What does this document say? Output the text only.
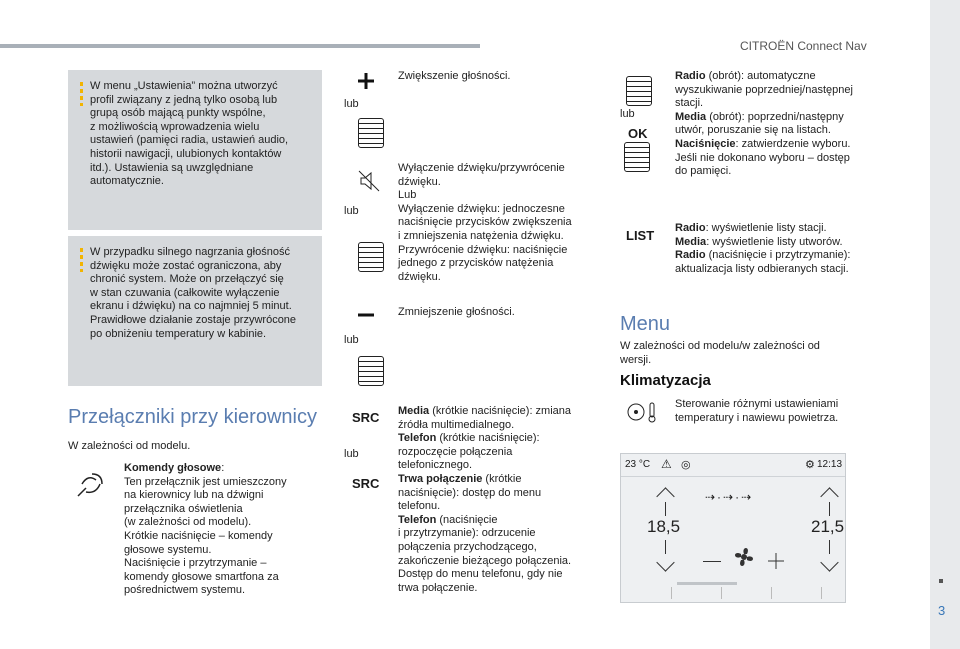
CITROËN Connect Nav
3
W menu „Ustawienia” można utworzyć
profil związany z jedną tylko osobą lub
grupą osób mającą punkty wspólne,
z możliwością wprowadzenia wielu
ustawień (pamięci radia, ustawień audio,
historii nawigacji, ulubionych kontaktów
itd.). Ustawienia są uwzględniane
automatycznie.
W przypadku silnego nagrzania głośność
dźwięku może zostać ograniczona, aby
chronić system. Może on przełączyć się
w stan czuwania (całkowite wyłączenie
ekranu i dźwięku) na co najmniej 5 minut.
Prawidłowe działanie zostaje przywrócone
po obniżeniu temperatury w kabinie.
Przełączniki przy kierownicy
W zależności od modelu.
Komendy głosowe:
Ten przełącznik jest umieszczony
na kierownicy lub na dźwigni
przełącznika oświetlenia
(w zależności od modelu).
Krótkie naciśnięcie – komendy
głosowe systemu.
Naciśnięcie i przytrzymanie –
komendy głosowe smartfona za
pośrednictwem systemu.
lub
Zwiększenie głośności.
lub
Wyłączenie dźwięku/przywrócenie
dźwięku.
Lub
Wyłączenie dźwięku: jednoczesne
naciśnięcie przycisków zwiększenia
i zmniejszenia natężenia dźwięku.
Przywrócenie dźwięku: naciśnięcie
jednego z przycisków natężenia
dźwięku.
lub
Zmniejszenie głośności.
SRC
lub
SRC
Media (krótkie naciśnięcie): zmiana
źródła multimedialnego.
Telefon (krótkie naciśnięcie):
rozpoczęcie połączenia
telefonicznego.
Trwa połączenie (krótkie
naciśnięcie): dostęp do menu
telefonu.
Telefon (naciśnięcie
i przytrzymanie): odrzucenie
połączenia przychodzącego,
zakończenie bieżącego połączenia.
Dostęp do menu telefonu, gdy nie
trwa połączenie.
lub
OK
Radio (obrót): automatyczne
wyszukiwanie poprzedniej/następnej
stacji.
Media (obrót): poprzedni/następny
utwór, poruszanie się na listach.
Naciśnięcie: zatwierdzenie wyboru.
Jeśli nie dokonano wyboru – dostęp
do pamięci.
LIST Radio: wyświetlenie listy stacji.
Media: wyświetlenie listy utworów.
Radio (naciśnięcie i przytrzymanie):
aktualizacja listy odbieranych stacji.
Menu
W zależności od modelu/w zależności od
wersji.
Klimatyzacja
Sterowanie różnymi ustawieniami
temperatury i nawiewu powietrza.
23 °C ⚠ ◎	⚙ 12:13
18,5	21,5
⇢·⇢·⇢
